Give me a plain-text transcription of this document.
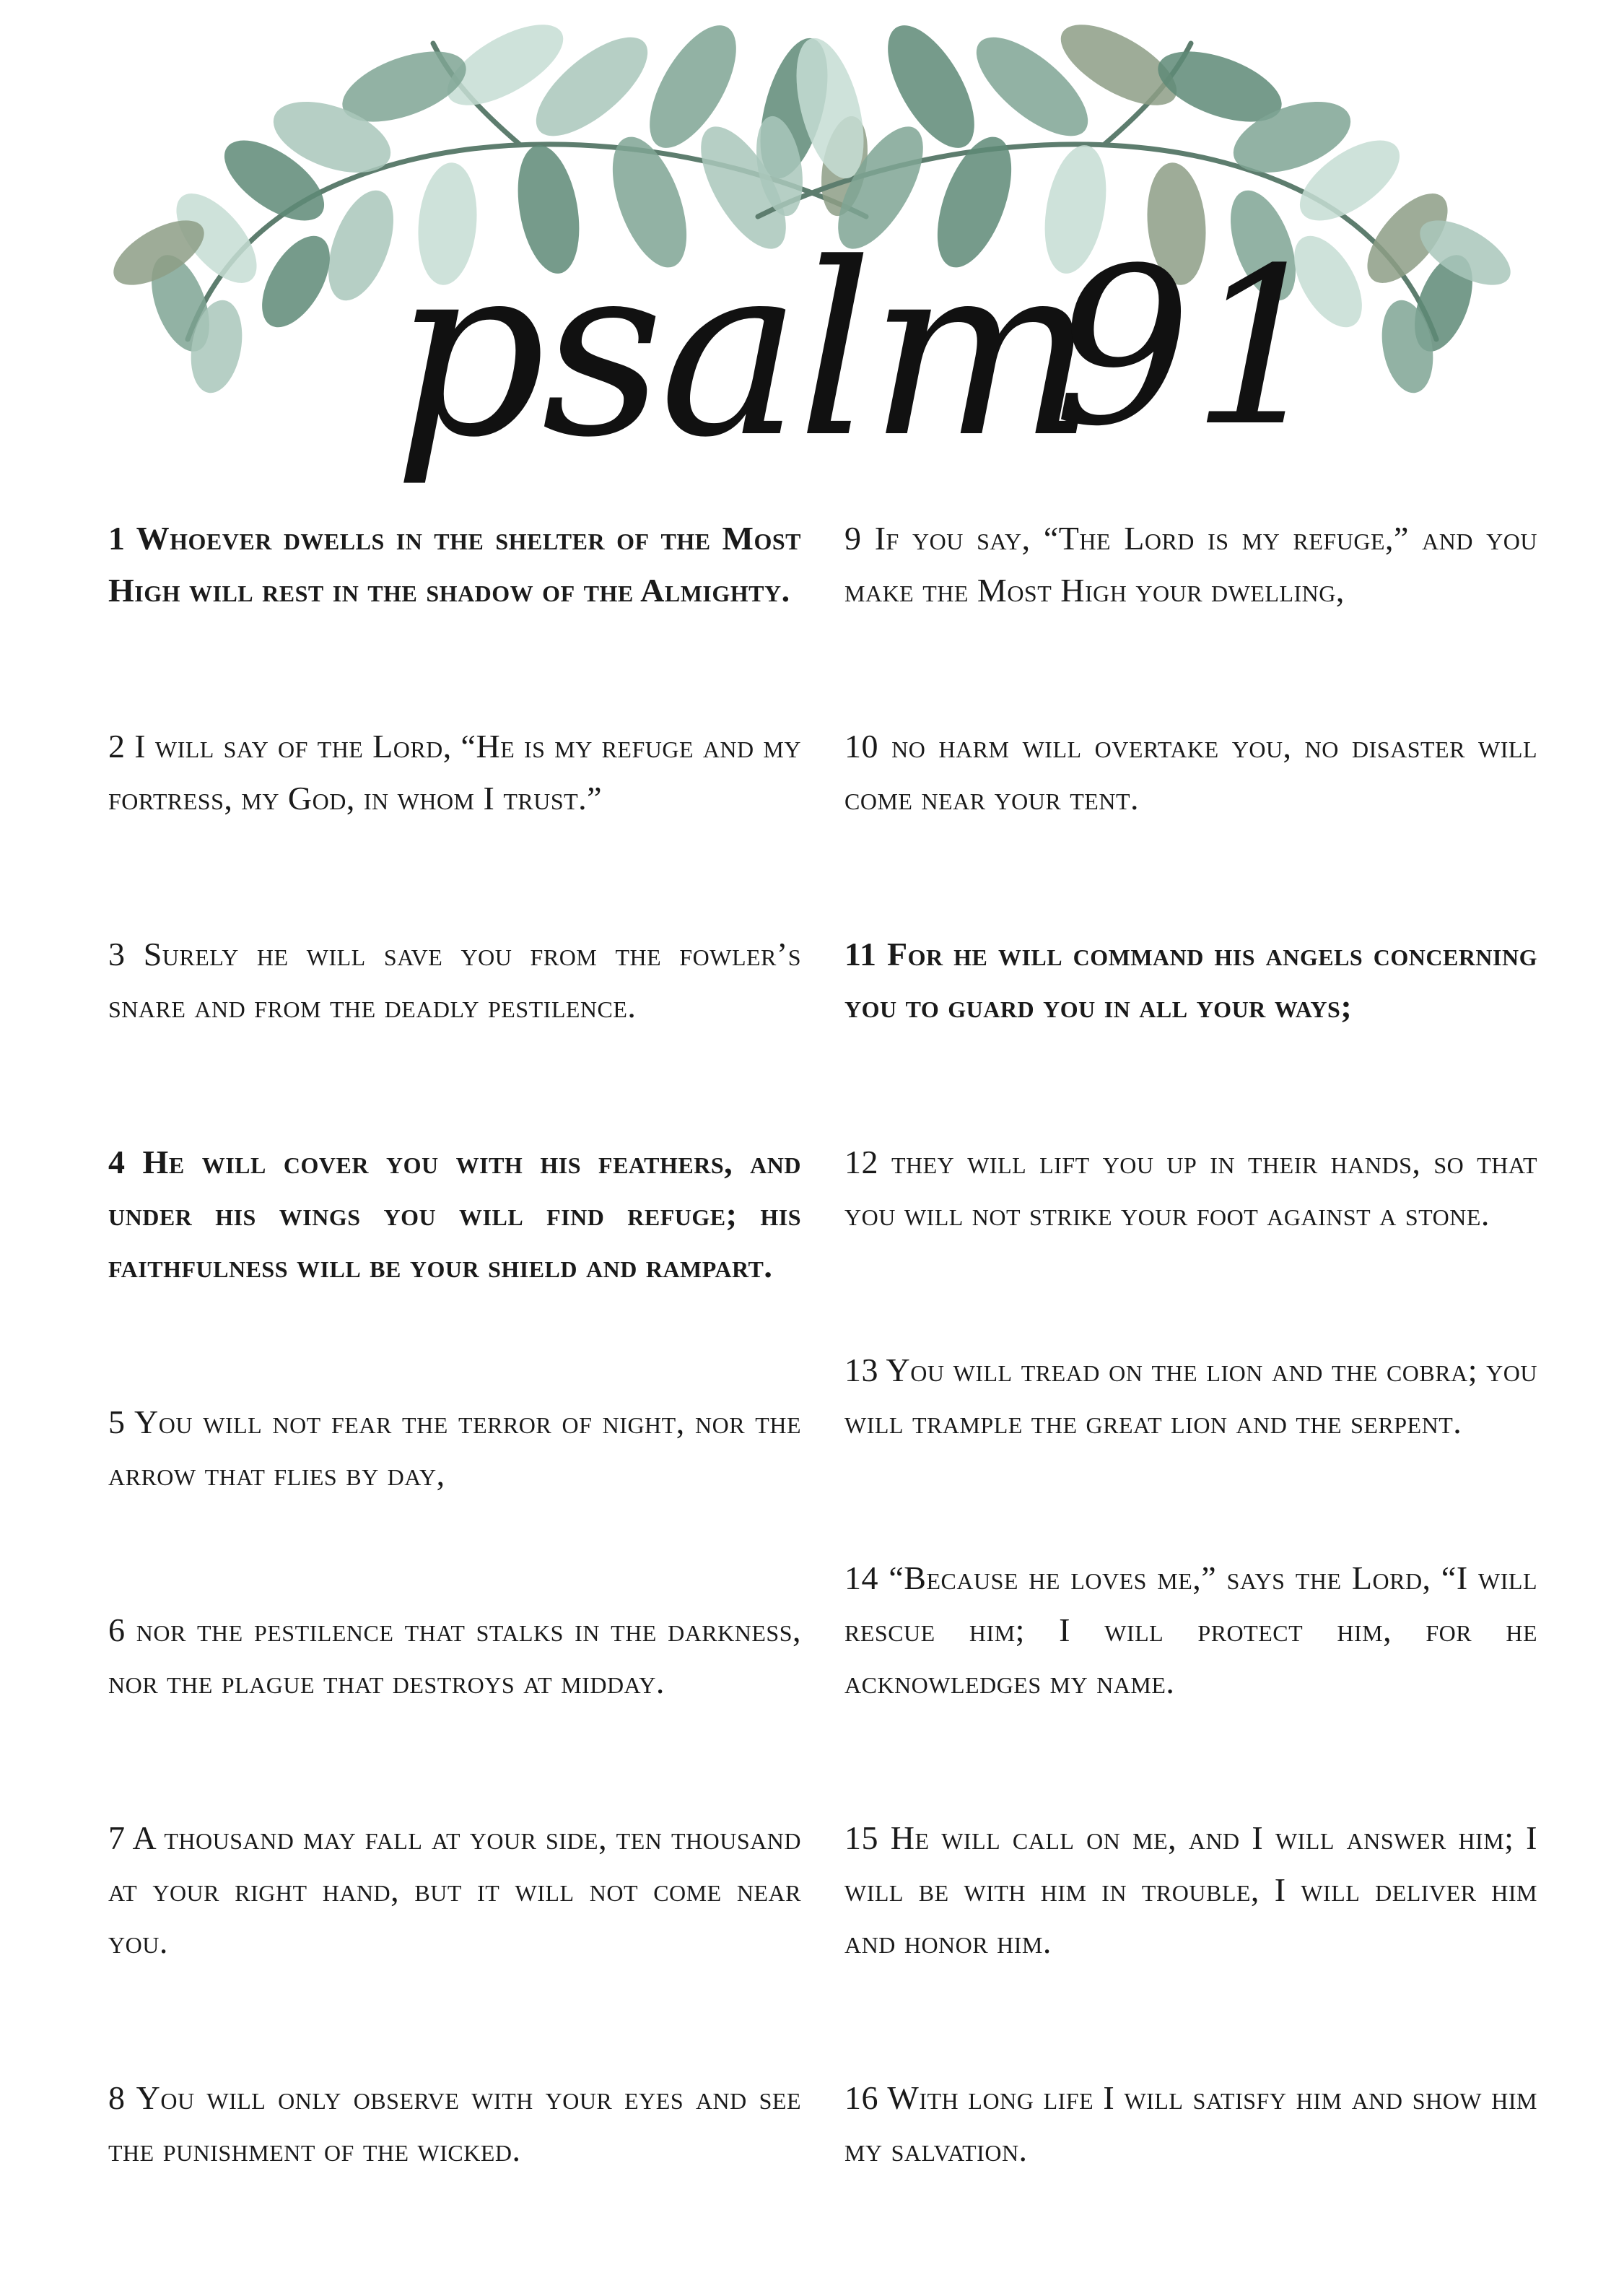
psalm
91

1 Whoever dwells in the shelter of the Most High will rest in the shadow of the Almighty.

2 I will say of the Lord, “He is my refuge and my fortress, my God, in whom I trust.”

3 Surely he will save you from the fowler’s snare and from the deadly pestilence.

4 He will cover you with his feathers, and under his wings you will find refuge; his faithfulness will be your shield and rampart.

5 You will not fear the terror of night, nor the arrow that flies by day,

6 nor the pestilence that stalks in the darkness, nor the plague that destroys at midday.

7 A thousand may fall at your side, ten thousand at your right hand, but it will not come near you.

8 You will only observe with your eyes and see the punishment of the wicked.

9 If you say, “The Lord is my refuge,” and you make the Most High your dwelling,

10 no harm will overtake you, no disaster will come near your tent.

11 For he will command his angels concerning you to guard you in all your ways;

12 they will lift you up in their hands, so that you will not strike your foot against a stone.

13 You will tread on the lion and the cobra; you will trample the great lion and the serpent.

14 “Because he loves me,” says the Lord, “I will rescue him; I will protect him, for he acknowledges my name.

15 He will call on me, and I will answer him; I will be with him in trouble, I will deliver him and honor him.

16 With long life I will satisfy him and show him my salvation.
